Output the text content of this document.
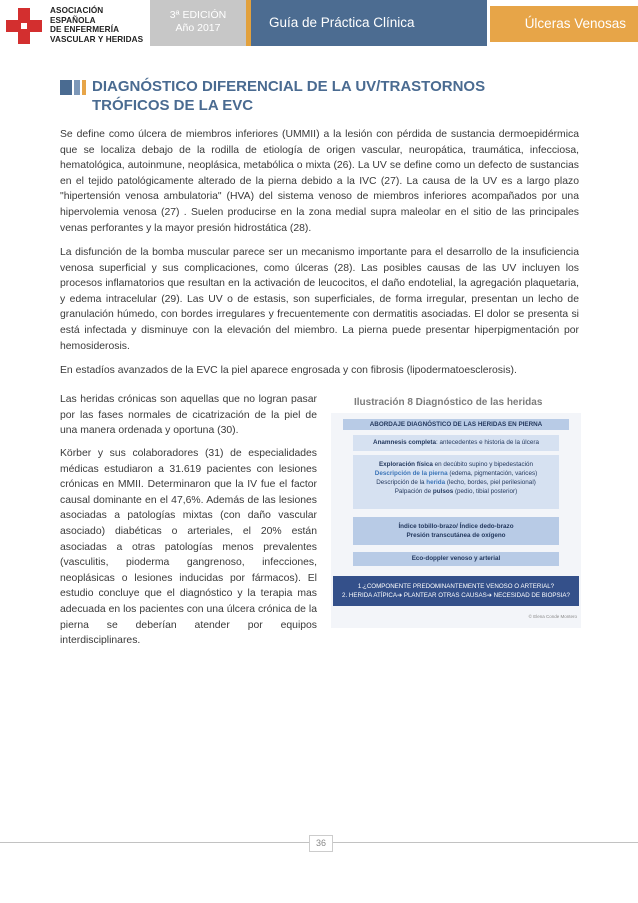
ASOCIACIÓN
ESPAÑOLA
DE ENFERMERÍA
VASCULAR Y HERIDAS
3ª EDICIÓN
Año 2017	Guía de Práctica Clínica	Úlceras Venosas
DIAGNÓSTICO DIFERENCIAL DE LA UV/TRASTORNOS
TRÓFICOS DE LA EVC

Se define como úlcera de miembros inferiores (UMMII) a la lesión con pérdida de sustancia dermoepidérmica que se localiza debajo de la rodilla de etiología de origen vascular, neuropática, traumática, infecciosa, hematológica, autoinmune, neoplásica, metabólica o mixta (26). La UV se define como un defecto de sustancias en el tejido patológicamente alterado de la pierna debido a la IVC (27). La causa de la UV es a largo plazo "hipertensión venosa ambulatoria" (HVA) del sistema venoso de miembros inferiores acompañados por una hipervolemia venosa (27) . Suelen producirse en la zona medial supra maleolar en el sitio de las principales venas perforantes y la mayor presión hidrostática (28).

La disfunción de la bomba muscular parece ser un mecanismo importante para el desarrollo de la insuficiencia venosa superficial y sus complicaciones, como úlceras (28). Las posibles causas de las UV incluyen los procesos inflamatorios que resultan en la activación de leucocitos, el daño endotelial, la agregación plaquetaria, y edema intracelular (29). Las UV o de estasis, son superficiales, de forma irregular, presentan un lecho de granulación húmedo, con bordes irregulares y frecuentemente con dermatitis asociadas. El dolor se presenta si está infectada y disminuye con la elevación del miembro. La pierna puede presentar hiperpigmentación por hemosiderosis.

En estadíos avanzados de la EVC la piel aparece engrosada y con fibrosis (lipodermatoesclerosis).

Las heridas crónicas son aquellas que no logran pasar por las fases normales de cicatrización de la piel de una manera ordenada y oportuna (30).

Körber y sus colaboradores (31) de especialidades médicas estudiaron a 31.619 pacientes con lesiones crónicas en MMII. Determinaron que la IV fue el factor causal dominante en el 47,6%. Además de las lesiones asociadas a patologías mixtas (con daño vascular asociado) diabéticas o arteriales, el 20% están asociadas a otras patologías menos prevalentes (vasculitis, pioderma gangrenoso, infecciones, neoplásicas o lesiones inducidas por fármacos). El estudio concluye que el diagnóstico y la terapia mas adecuada en los pacientes con una úlcera crónica de la pierna se deberían atender por equipos interdisciplinares.

Ilustración 8 Diagnóstico de las heridas
ABORDAJE DIAGNÓSTICO DE LAS HERIDAS EN PIERNA
Anamnesis completa: antecedentes e historia de la úlcera
Exploración física en decúbito supino y bipedestación
Descripción de la pierna (edema, pigmentación, varices)
Descripción de la herida (lecho, bordes, piel perilesional)
Palpación de pulsos (pedio, tibial posterior)
Índice tobillo-brazo/ Índice dedo-brazo
Presión transcutánea de oxígeno
Eco-doppler venoso y arterial
1.¿COMPONENTE PREDOMINANTEMENTE VENOSO O ARTERIAL?
2. HERIDA ATÍPICA➔ PLANTEAR OTRAS CAUSAS➔ NECESIDAD DE BIOPSIA?
© Elena Conde Montero
36
